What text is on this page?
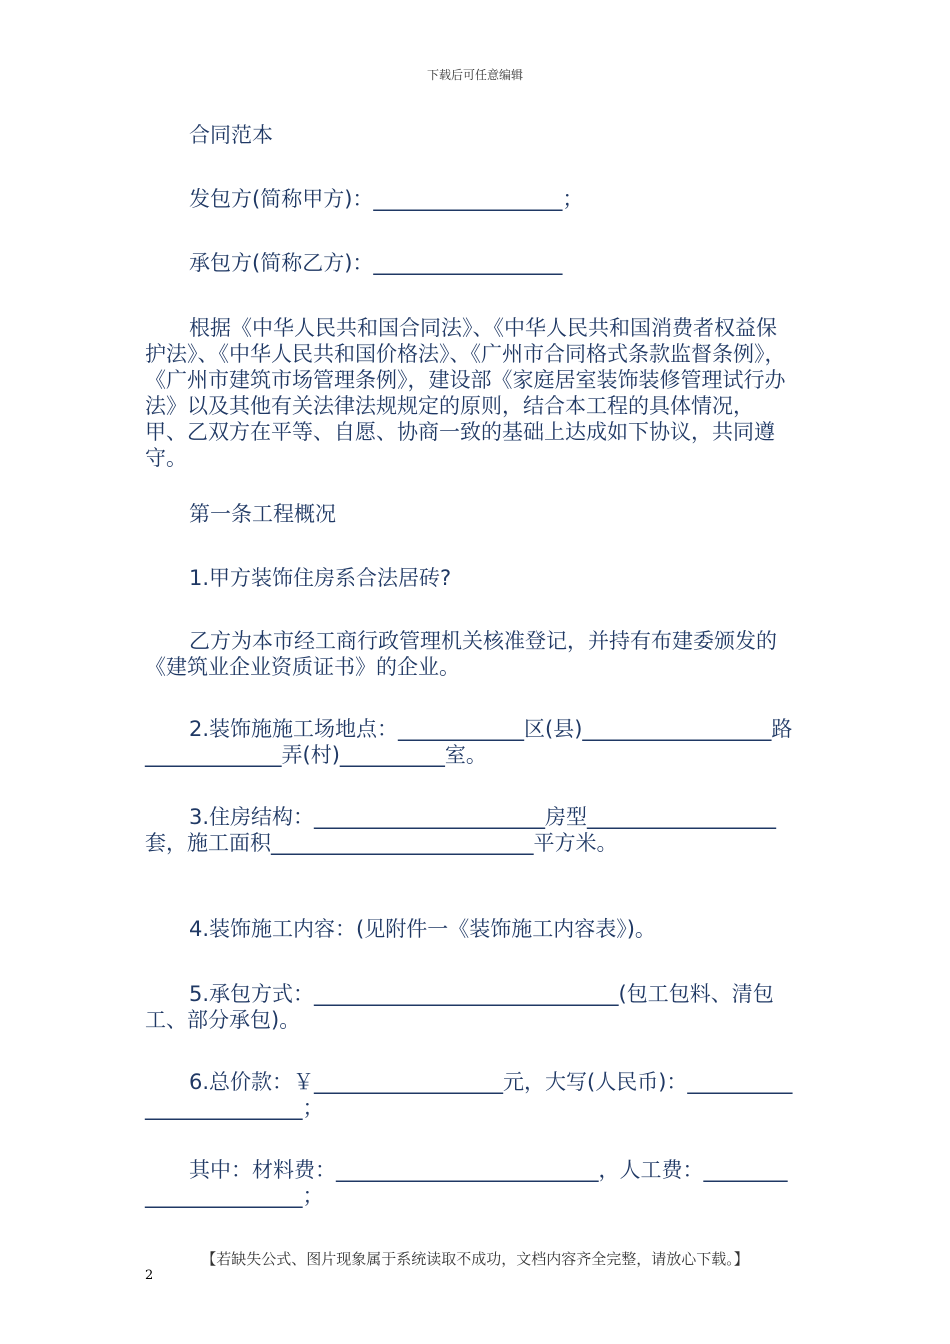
下载后可任意编辑

合同范本

发包方(简称甲方)：__________________；

承包方(简称乙方)：__________________

根据《中华人民共和国合同法》、《中华人民共和国消费者权益保护法》、《中华人民共和国价格法》、《广州市合同格式条款监督条例》，《广州市建筑市场管理条例》，建设部《家庭居室装饰装修管理试行办法》以及其他有关法律法规规定的原则，结合本工程的具体情况，甲、乙双方在平等、自愿、协商一致的基础上达成如下协议，共同遵守。

第一条工程概况

1.甲方装饰住房系合法居砖?

乙方为本市经工商行政管理机关核准登记，并持有布建委颁发的《建筑业企业资质证书》的企业。

2.装饰施施工场地点：____________区(县)__________________路_____________弄(村)__________室。

3.住房结构：______________________房型__________________套，施工面积_________________________平方米。

4.装饰施工内容：(见附件一《装饰施工内容表》)。

5.承包方式：_____________________________(包工包料、清包工、部分承包)。

6.总价款：￥__________________元，大写(人民币)：_________________________；

其中：材料费：_________________________，人工费：_______________________；

【若缺失公式、图片现象属于系统读取不成功，文档内容齐全完整，请放心下载。】
2
